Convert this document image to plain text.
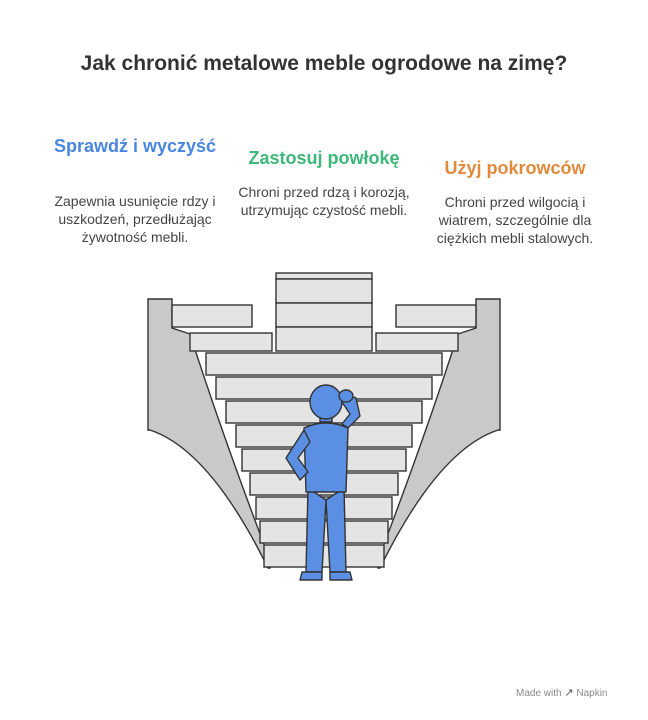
Jak chronić metalowe meble ogrodowe na zimę?
Sprawdź i wyczyść
Zapewnia usunięcie rdzy i uszkodzeń, przedłużając żywotność mebli.
Zastosuj powłokę
Chroni przed rdzą i korozją, utrzymując czystość mebli.
Użyj pokrowców
Chroni przed wilgocią i wiatrem, szczególnie dla ciężkich mebli stalowych.
Made with ↗ Napkin
